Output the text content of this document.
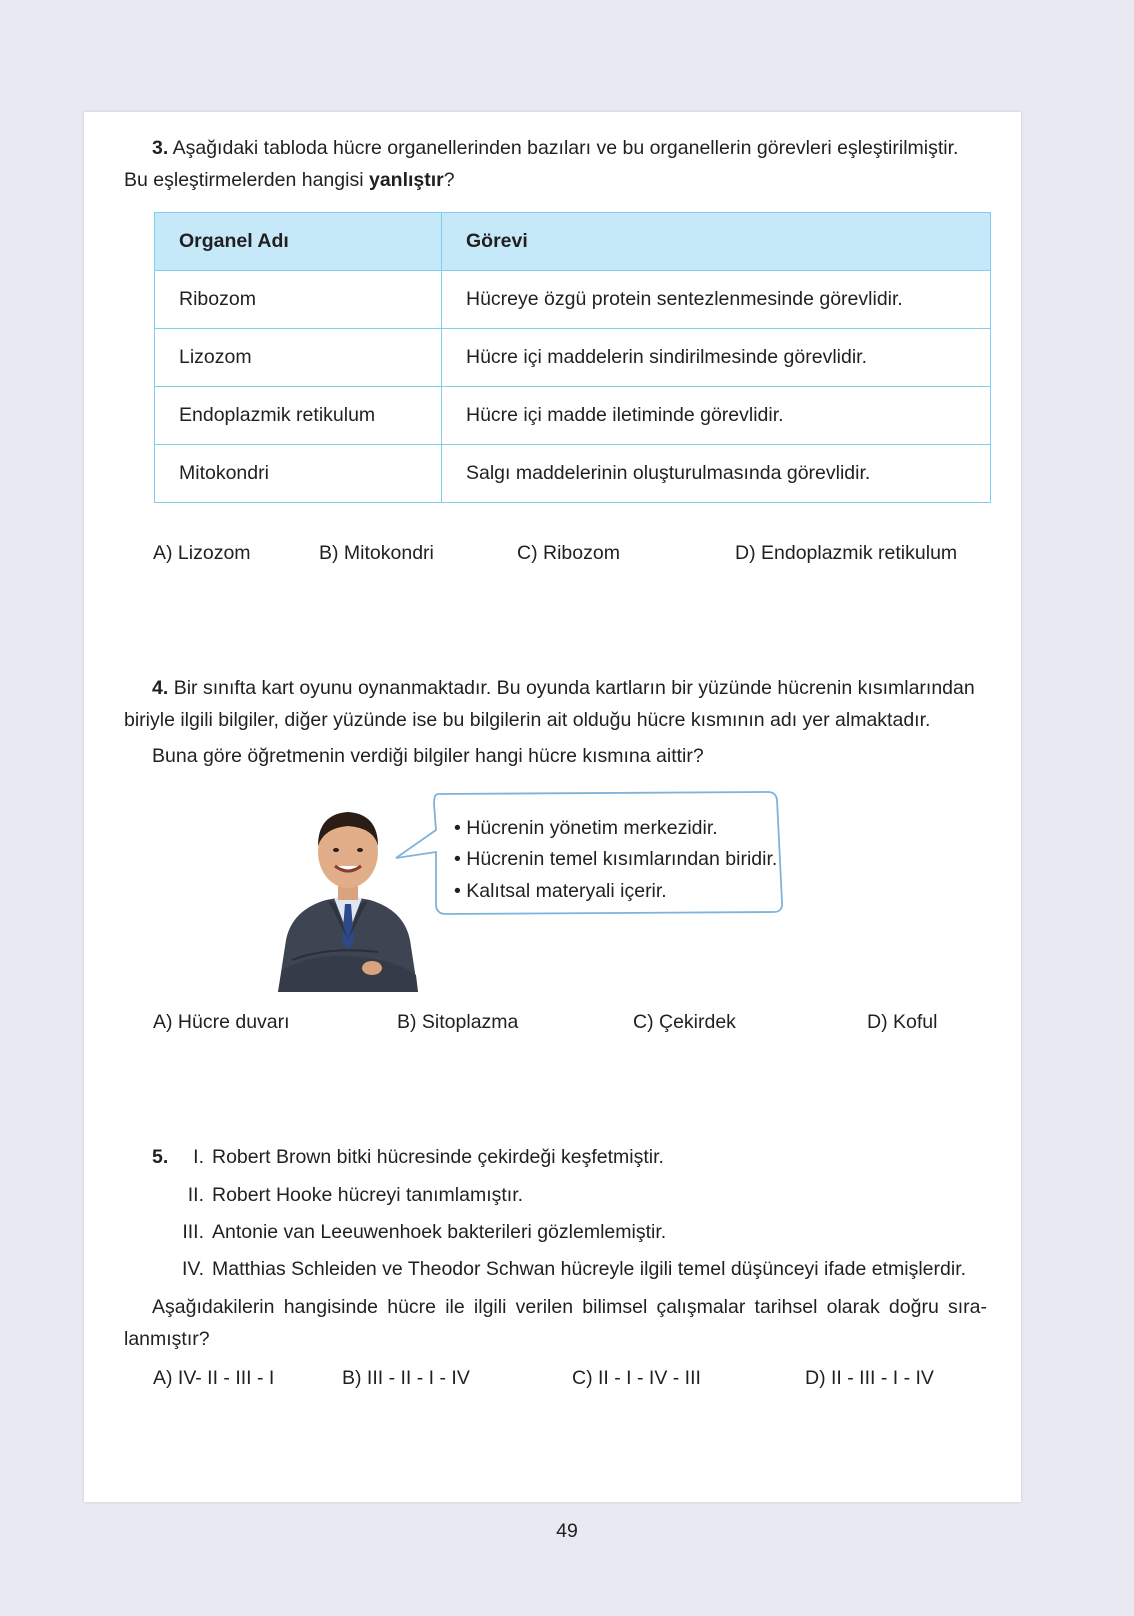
3. Aşağıdaki tabloda hücre organellerinden bazıları ve bu organellerin görevleri eşleştirilmiştir.
Bu eşleştirmelerden hangisi yanlıştır?
Organel Adı	Görevi
Ribozom	Hücreye özgü protein sentezlenmesinde görevlidir.
Lizozom	Hücre içi maddelerin sindirilmesinde görevlidir.
Endoplazmik retikulum	Hücre içi madde iletiminde görevlidir.
Mitokondri	Salgı maddelerinin oluşturulmasında görevlidir.
A) Lizozom	B) Mitokondri	C) Ribozom	D) Endoplazmik retikulum
4. Bir sınıfta kart oyunu oynanmaktadır. Bu oyunda kartların bir yüzünde hücrenin kısımlarından
biriyle ilgili bilgiler, diğer yüzünde ise bu bilgilerin ait olduğu hücre kısmının adı yer almaktadır.
Buna göre öğretmenin verdiği bilgiler hangi hücre kısmına aittir?
• Hücrenin yönetim merkezidir.
• Hücrenin temel kısımlarından biridir.
• Kalıtsal materyali içerir.
A) Hücre duvarı	B) Sitoplazma	C) Çekirdek	D) Koful
5.	I. Robert Brown bitki hücresinde çekirdeği keşfetmiştir.
II. Robert Hooke hücreyi tanımlamıştır.
III. Antonie van Leeuwenhoek bakterileri gözlemlemiştir.
IV. Matthias Schleiden ve Theodor Schwan hücreyle ilgili temel düşünceyi ifade etmişlerdir.
Aşağıdakilerin hangisinde hücre ile ilgili verilen bilimsel çalışmalar tarihsel olarak doğru sıra-
lanmıştır?
A) IV- II - III - I	B) III - II - I - IV	C) II - I - IV - III	D) II - III - I - IV
49
